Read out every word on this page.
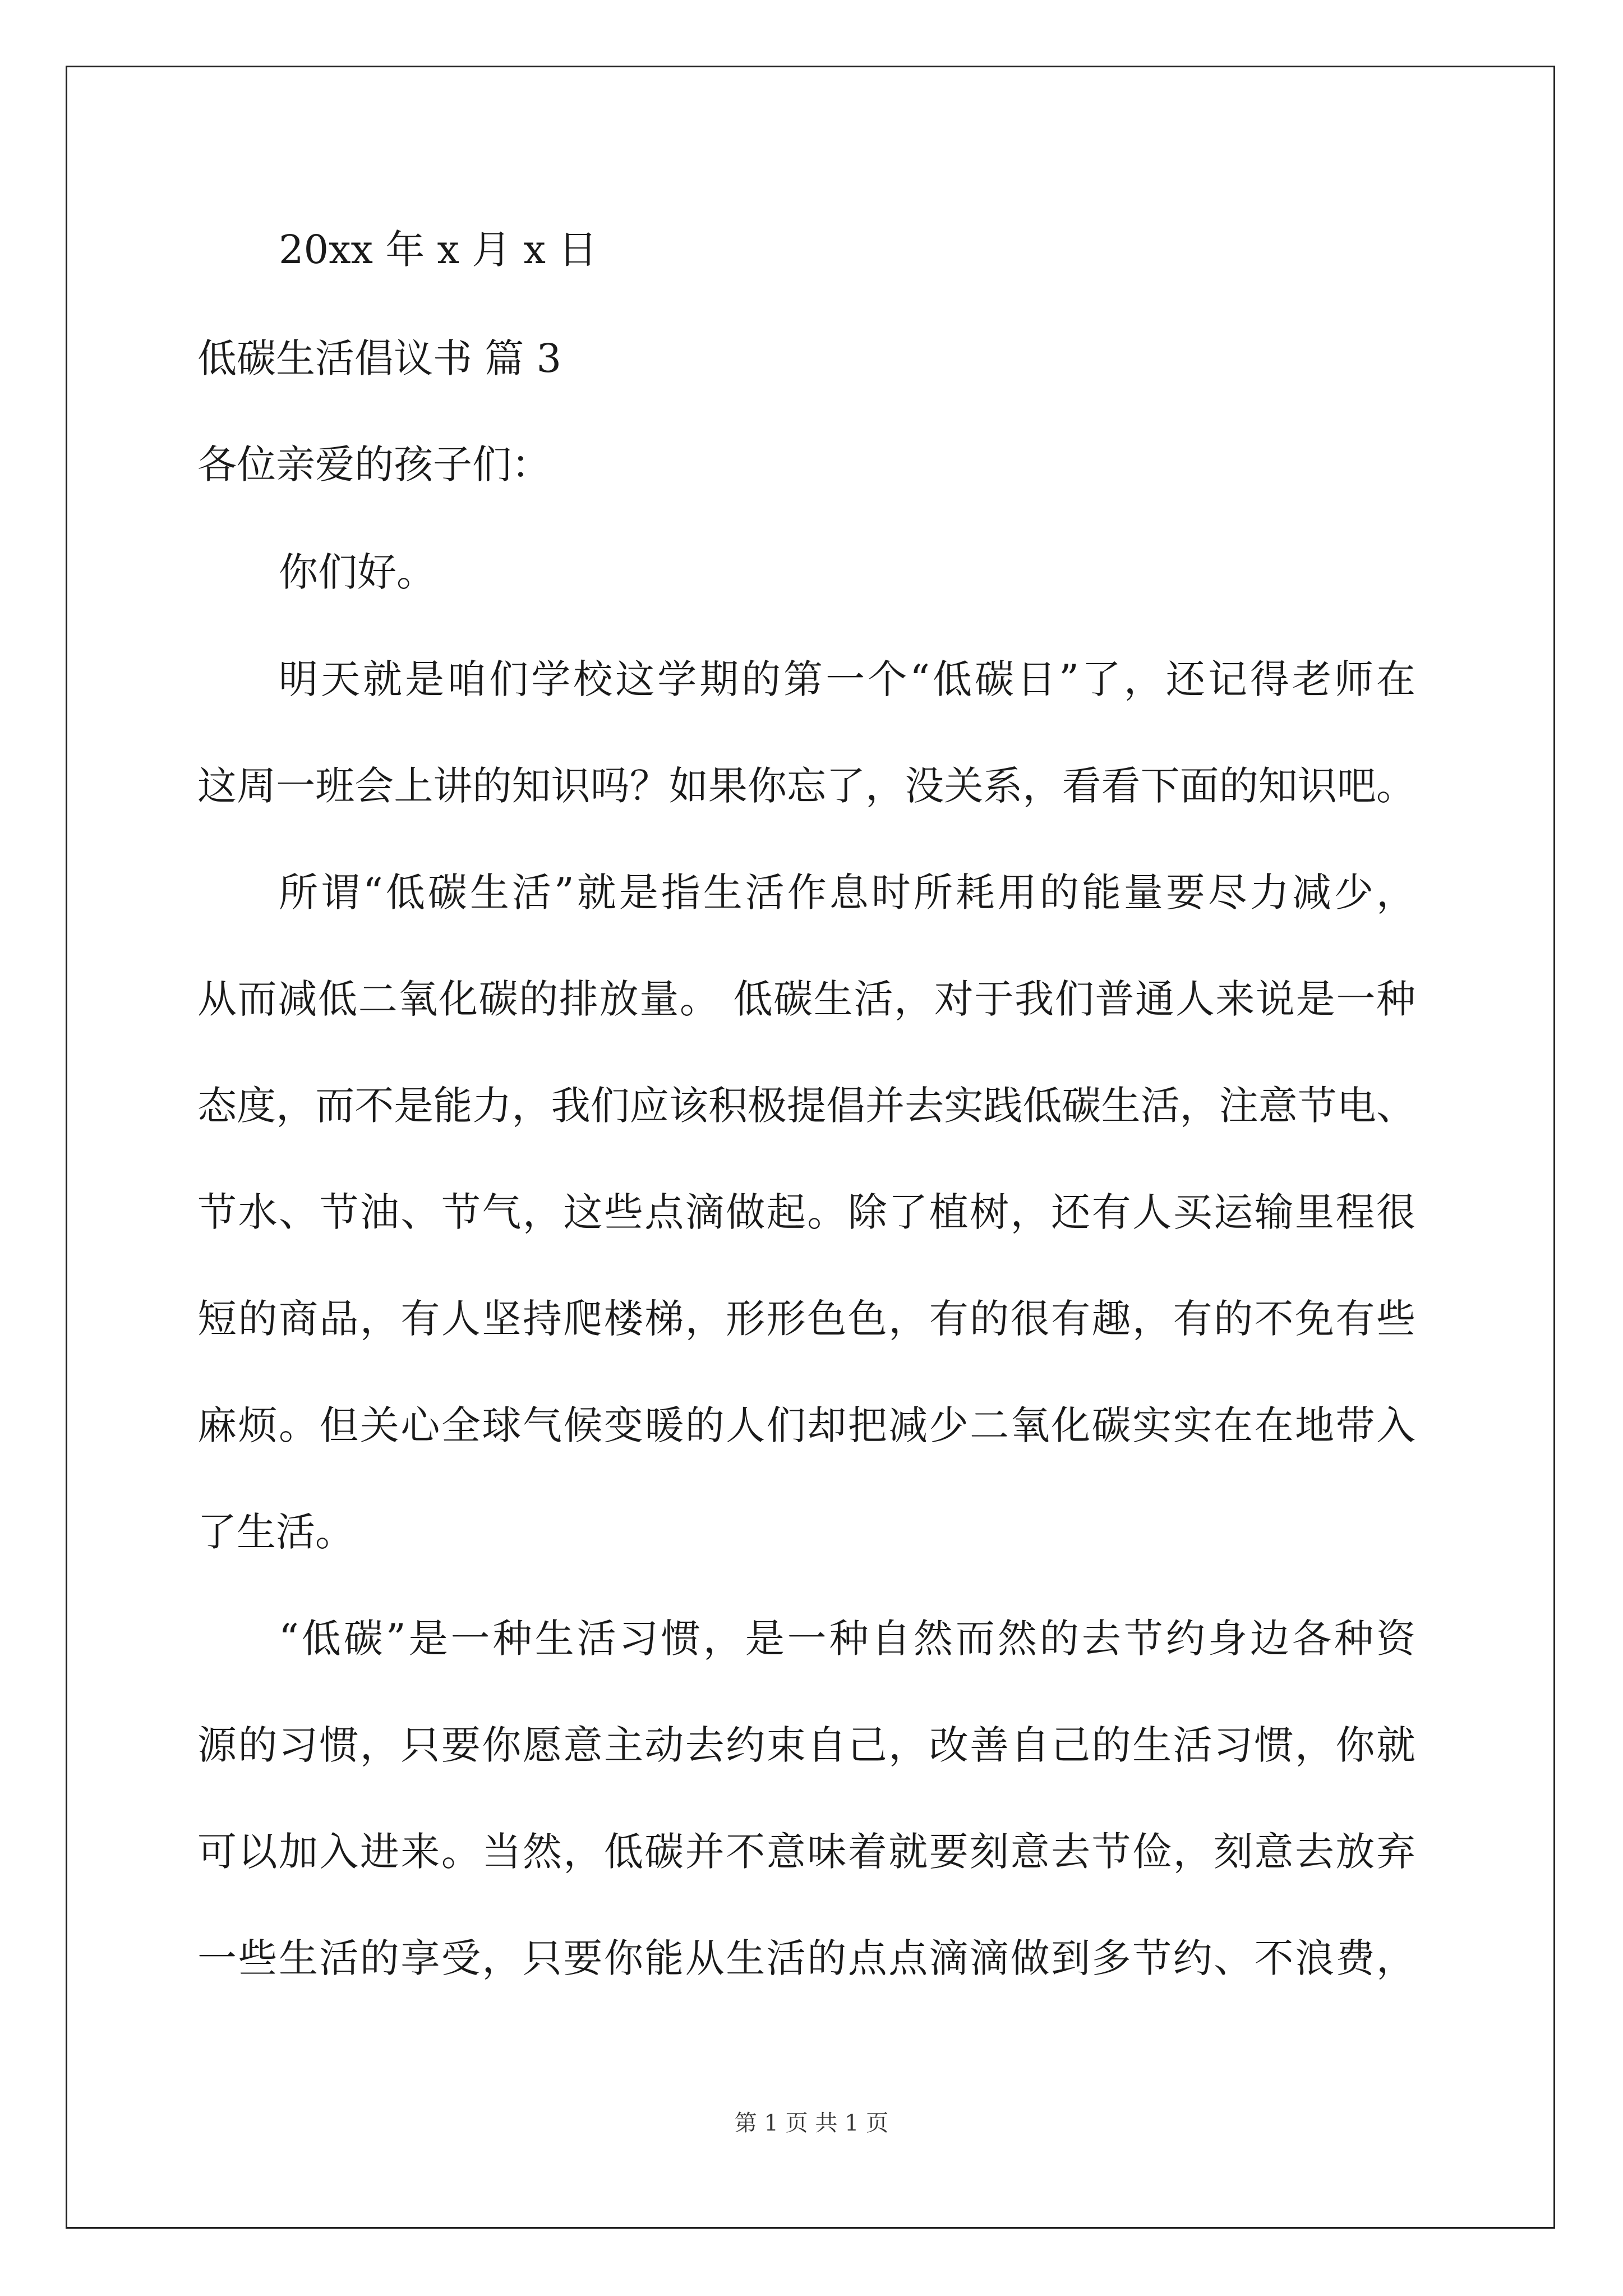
20xx 年 x 月 x 日
低碳生活倡议书 篇 3
各位亲爱的孩子们：
你们好。
明天就是咱们学校这学期的第一个“低碳日”了，还记得老师在
这周一班会上讲的知识吗？如果你忘了，没关系，看看下面的知识吧。
所谓“低碳生活”就是指生活作息时所耗用的能量要尽力减少，
从而减低二氧化碳的排放量。 低碳生活，对于我们普通人来说是一种
态度，而不是能力，我们应该积极提倡并去实践低碳生活，注意节电、
节水、节油、节气，这些点滴做起。除了植树，还有人买运输里程很
短的商品，有人坚持爬楼梯，形形色色，有的很有趣，有的不免有些
麻烦。但关心全球气候变暖的人们却把减少二氧化碳实实在在地带入
了生活。
“低碳”是一种生活习惯，是一种自然而然的去节约身边各种资
源的习惯，只要你愿意主动去约束自己，改善自己的生活习惯，你就
可以加入进来。当然，低碳并不意味着就要刻意去节俭，刻意去放弃
一些生活的享受，只要你能从生活的点点滴滴做到多节约、不浪费，
第 1 页 共 1 页
